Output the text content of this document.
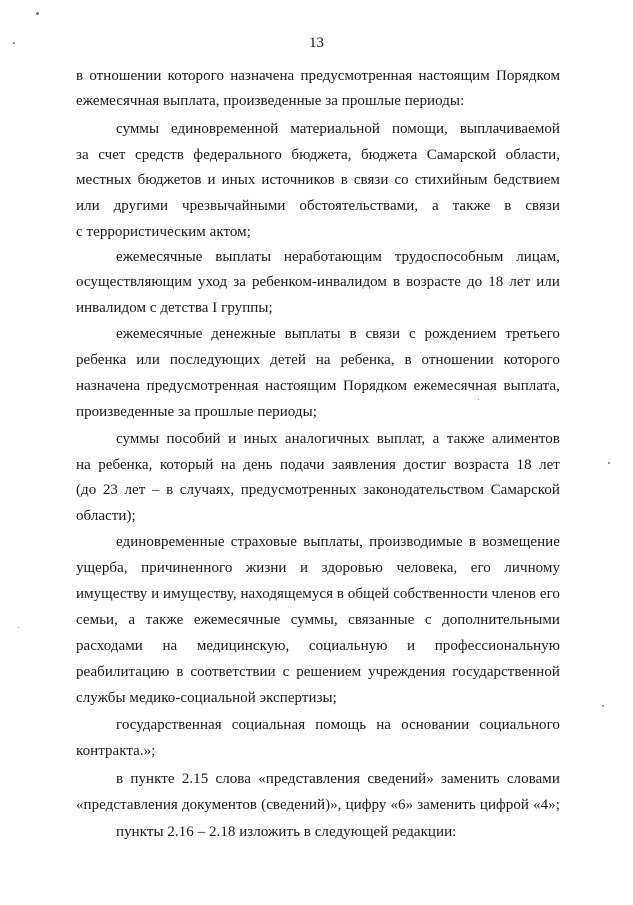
13
в отношении которого назначена предусмотренная настоящим Порядком
ежемесячная выплата, произведенные за прошлые периоды:
суммы единовременной материальной помощи, выплачиваемой
за счет средств федерального бюджета, бюджета Самарской области,
местных бюджетов и иных источников в связи со стихийным бедствием
или другими чрезвычайными обстоятельствами, а также в связи
с террористическим актом;
ежемесячные выплаты неработающим трудоспособным лицам,
осуществляющим уход за ребенком-инвалидом в возрасте до 18 лет или
инвалидом с детства I группы;
ежемесячные денежные выплаты в связи с рождением третьего
ребенка или последующих детей на ребенка, в отношении которого
назначена предусмотренная настоящим Порядком ежемесячная выплата,
произведенные за прошлые периоды;
суммы пособий и иных аналогичных выплат, а также алиментов
на ребенка, который на день подачи заявления достиг возраста 18 лет
(до 23 лет – в случаях, предусмотренных законодательством Самарской
области);
единовременные страховые выплаты, производимые в возмещение
ущерба, причиненного жизни и здоровью человека, его личному
имуществу и имуществу, находящемуся в общей собственности членов его
семьи, а также ежемесячные суммы, связанные с дополнительными
расходами на медицинскую, социальную и профессиональную
реабилитацию в соответствии с решением учреждения государственной
службы медико-социальной экспертизы;
государственная социальная помощь на основании социального
контракта.»;
в пункте 2.15 слова «представления сведений» заменить словами
«представления документов (сведений)», цифру «6» заменить цифрой «4»;
пункты 2.16 – 2.18 изложить в следующей редакции:
